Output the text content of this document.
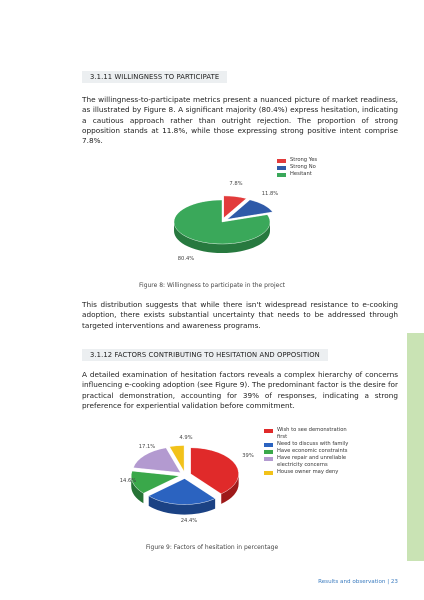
3.1.11 WILLINGNESS TO PARTICIPATE
The willingness-to-participate metrics present a nuanced picture of market readiness, as illustrated by Figure 8. A significant majority (80.4%) express hesitation, indicating a cautious approach rather than outright rejection. The proportion of strong opposition stands at 11.8%, while those expressing strong positive intent comprise 7.8%.
Strong Yes
Strong No
Hesitant
Figure 8: Willingness to participate in the project
This distribution suggests that while there isn't widespread resistance to e-cooking adoption, there exists substantial uncertainty that needs to be addressed through targeted interventions and awareness programs.
3.1.12 FACTORS CONTRIBUTING TO HESITATION AND OPPOSITION
A detailed examination of hesitation factors reveals a complex hierarchy of concerns influencing e-cooking adoption (see Figure 9). The predominant factor is the desire for practical demonstration, accounting for 39% of responses, indicating a strong preference for experiential validation before commitment.
Wish to see demonstration first
Need to discuss with family
Have economic constraints
Have repair and unreliable electricity concerns
House owner may deny
Figure 9: Factors of hesitation in percentage
Results and observation | 23
7.8%
11.8%
80.4%
39%
24.4%
14.6%
17.1%
4.9%
